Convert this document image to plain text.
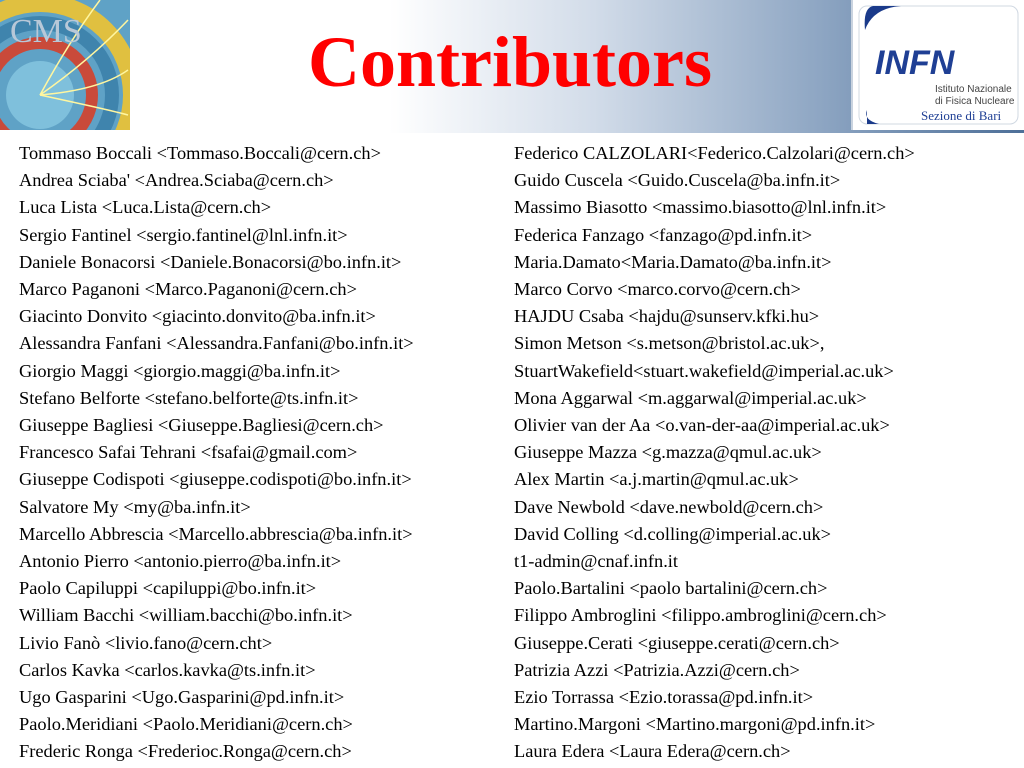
CMS	Contributors	INFN
Istituto Nazionale
di Fisica Nucleare
Sezione di Bari
Tommaso Boccali <Tommaso.Boccali@cern.ch>
Andrea Sciaba' <Andrea.Sciaba@cern.ch>
Luca Lista <Luca.Lista@cern.ch>
Sergio Fantinel <sergio.fantinel@lnl.infn.it>
Daniele Bonacorsi <Daniele.Bonacorsi@bo.infn.it>
Marco Paganoni <Marco.Paganoni@cern.ch>
Giacinto Donvito <giacinto.donvito@ba.infn.it>
Alessandra Fanfani <Alessandra.Fanfani@bo.infn.it>
Giorgio Maggi <giorgio.maggi@ba.infn.it>
Stefano Belforte <stefano.belforte@ts.infn.it>
Giuseppe Bagliesi <Giuseppe.Bagliesi@cern.ch>
Francesco Safai Tehrani <fsafai@gmail.com>
Giuseppe Codispoti <giuseppe.codispoti@bo.infn.it>
Salvatore My <my@ba.infn.it>
Marcello Abbrescia <Marcello.abbrescia@ba.infn.it>
Antonio Pierro <antonio.pierro@ba.infn.it>
Paolo Capiluppi <capiluppi@bo.infn.it>
William Bacchi <william.bacchi@bo.infn.it>
Livio Fanò <livio.fano@cern.cht>
Carlos Kavka <carlos.kavka@ts.infn.it>
Ugo Gasparini <Ugo.Gasparini@pd.infn.it>
Paolo.Meridiani <Paolo.Meridiani@cern.ch>
Frederic Ronga <Frederioc.Ronga@cern.ch>
Federico CALZOLARI<Federico.Calzolari@cern.ch>
Guido Cuscela <Guido.Cuscela@ba.infn.it>
Massimo Biasotto <massimo.biasotto@lnl.infn.it>
Federica Fanzago <fanzago@pd.infn.it>
Maria.Damato<Maria.Damato@ba.infn.it>
Marco Corvo <marco.corvo@cern.ch>
HAJDU Csaba <hajdu@sunserv.kfki.hu>
Simon Metson <s.metson@bristol.ac.uk>,
StuartWakefield<stuart.wakefield@imperial.ac.uk>
Mona Aggarwal <m.aggarwal@imperial.ac.uk>
Olivier van der Aa <o.van-der-aa@imperial.ac.uk>
Giuseppe Mazza <g.mazza@qmul.ac.uk>
Alex Martin <a.j.martin@qmul.ac.uk>
Dave Newbold <dave.newbold@cern.ch>
David Colling <d.colling@imperial.ac.uk>
t1-admin@cnaf.infn.it
Paolo.Bartalini <paolo bartalini@cern.ch>
Filippo Ambroglini <filippo.ambroglini@cern.ch>
Giuseppe.Cerati <giuseppe.cerati@cern.ch>
Patrizia Azzi <Patrizia.Azzi@cern.ch>
Ezio Torrassa <Ezio.torassa@pd.infn.it>
Martino.Margoni <Martino.margoni@pd.infn.it>
Laura Edera <Laura Edera@cern.ch>
